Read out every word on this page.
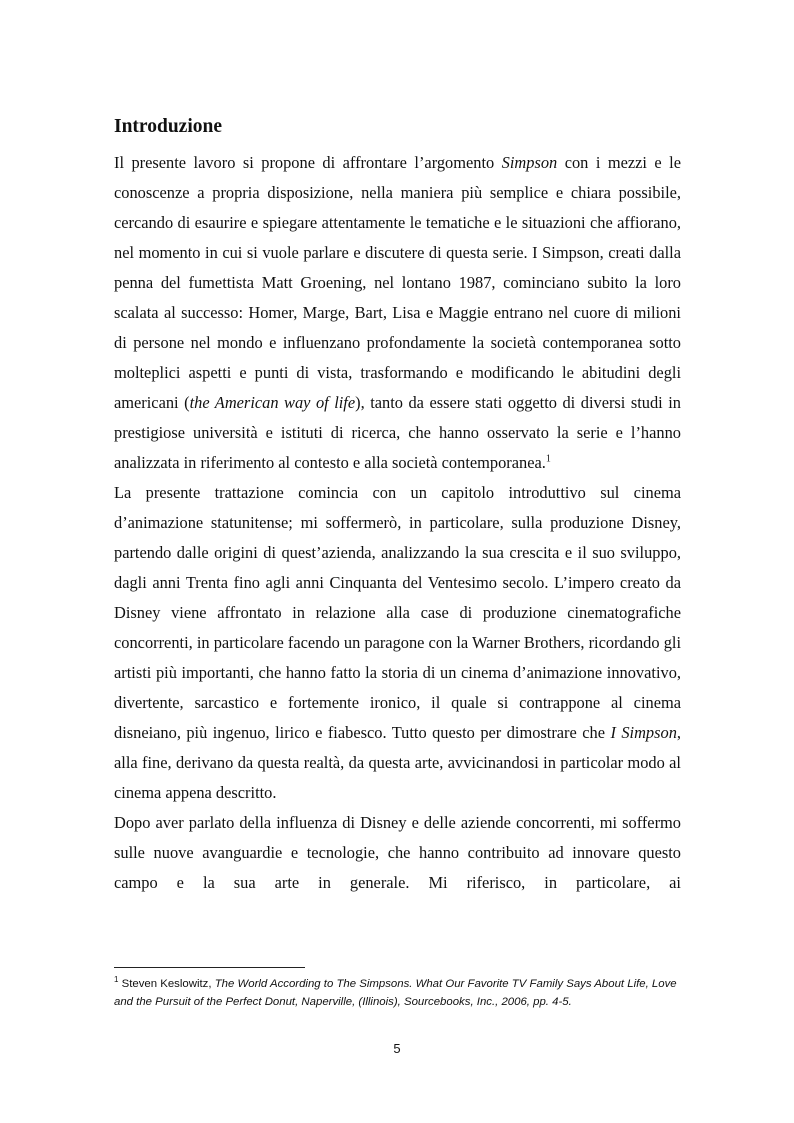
Introduzione

Il presente lavoro si propone di affrontare l’argomento Simpson con i mezzi e le conoscenze a propria disposizione, nella maniera più semplice e chiara possibile, cercando di esaurire e spiegare attentamente le tematiche e le situazioni che affiorano, nel momento in cui si vuole parlare e discutere di questa serie. I Simpson, creati dalla penna del fumettista Matt Groening, nel lontano 1987, cominciano subito la loro scalata al successo: Homer, Marge, Bart, Lisa e Maggie entrano nel cuore di milioni di persone nel mondo e influenzano profondamente la società contemporanea sotto molteplici aspetti e punti di vista, trasformando e modificando le abitudini degli americani (the American way of life), tanto da essere stati oggetto di diversi studi in prestigiose università e istituti di ricerca, che hanno osservato la serie e l’hanno analizzata in riferimento al contesto e alla società contemporanea.$^1$

La presente trattazione comincia con un capitolo introduttivo sul cinema d’animazione statunitense; mi soffermerò, in particolare, sulla produzione Disney, partendo dalle origini di quest’azienda, analizzando la sua crescita e il suo sviluppo, dagli anni Trenta fino agli anni Cinquanta del Ventesimo secolo. L’impero creato da Disney viene affrontato in relazione alla case di produzione cinematografiche concorrenti, in particolare facendo un paragone con la Warner Brothers, ricordando gli artisti più importanti, che hanno fatto la storia di un cinema d’animazione innovativo, divertente, sarcastico e fortemente ironico, il quale si contrappone al cinema disneiano, più ingenuo, lirico e fiabesco. Tutto questo per dimostrare che I Simpson, alla fine, derivano da questa realtà, da questa arte, avvicinandosi in particolar modo al cinema appena descritto.

Dopo aver parlato della influenza di Disney e delle aziende concorrenti, mi soffermo sulle nuove avanguardie e tecnologie, che hanno contribuito ad innovare questo campo e la sua arte in generale. Mi riferisco, in particolare, ai

$^1$ Steven Keslowitz, The World According to The Simpsons. What Our Favorite TV Family Says About Life, Love and the Pursuit of the Perfect Donut, Naperville, (Illinois), Sourcebooks, Inc., 2006, pp. 4-5.

5
